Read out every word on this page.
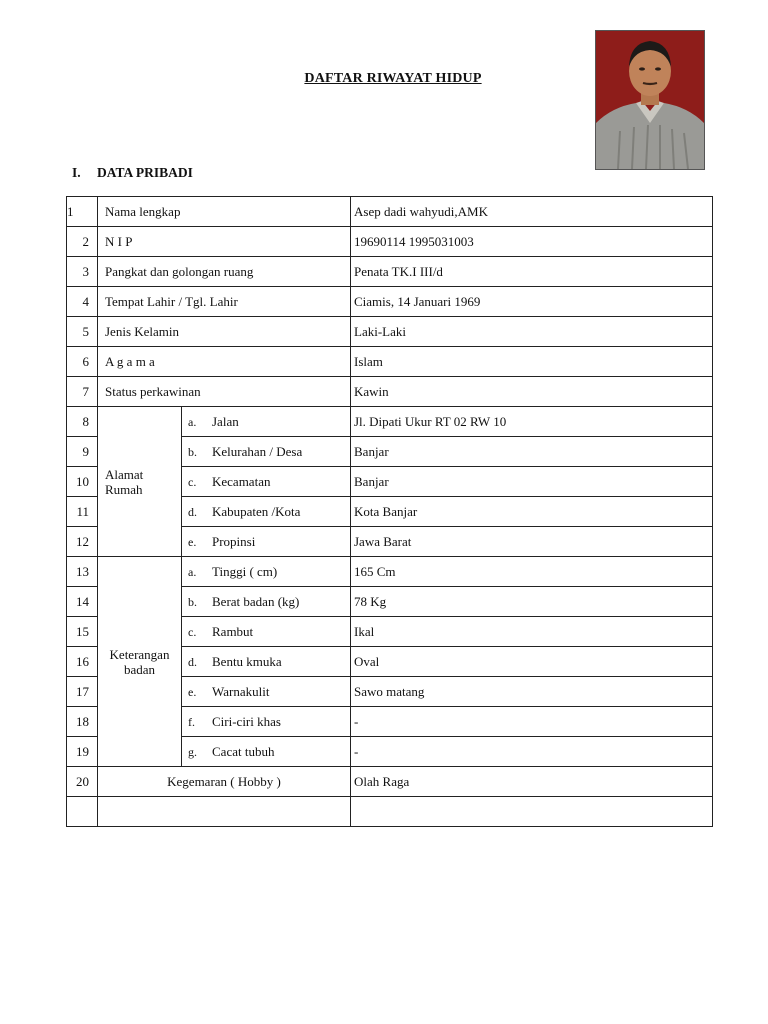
DAFTAR RIWAYAT HIDUP
I. DATA PRIBADI
1	Nama lengkap		Asep dadi wahyudi,AMK
2	N I P		19690114 1995031003
3	Pangkat dan golongan ruang		Penata TK.I III/d
4	Tempat Lahir / Tgl. Lahir		Ciamis, 14 Januari 1969
5	Jenis Kelamin		Laki-Laki
6	A g a m a		Islam
7	Status perkawinan		Kawin
8	Alamat Rumah	a. Jalan	Jl. Dipati Ukur RT 02 RW 10
9		b. Kelurahan / Desa	Banjar
10		c. Kecamatan	Banjar
11		d. Kabupaten /Kota	Kota Banjar
12		e. Propinsi	Jawa Barat
13	Keterangan badan	a. Tinggi ( cm)	165 Cm
14		b. Berat badan (kg)	78 Kg
15		c. Rambut	Ikal
16		d. Bentu kmuka	Oval
17		e. Warnakulit	Sawo matang
18		f. Ciri-ciri khas	-
19		g. Cacat tubuh	-
20	Kegemaran ( Hobby )		Olah Raga
